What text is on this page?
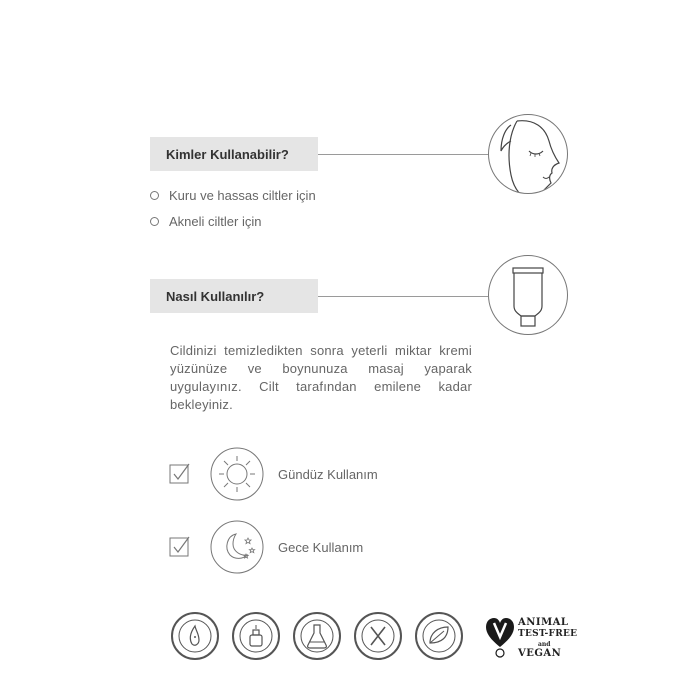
Kimler Kullanabilir?
Kuru ve hassas ciltler için
Akneli ciltler için
Nasıl Kullanılır?
Cildinizi temizledikten sonra yeterli miktar kremi yüzünüze ve boynunuza masaj yaparak uygulayınız. Cilt tarafından emilene kadar bekleyiniz.
Gündüz Kullanım
Gece Kullanım
ANIMAL
TEST-FREE
and
VEGAN
